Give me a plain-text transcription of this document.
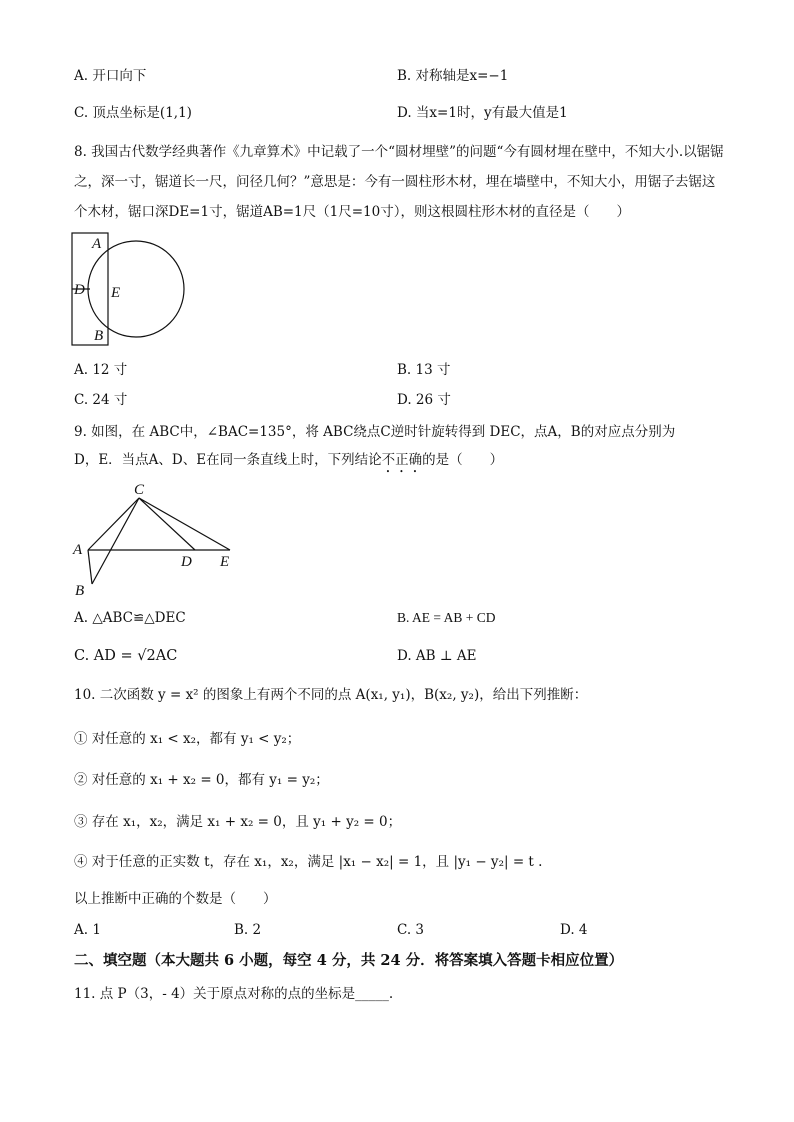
A. 开口向下	B. 对称轴是x=−1
C. 顶点坐标是(1,1)	D. 当x=1时，y有最大值是1
8. 我国古代数学经典著作《九章算术》中记载了一个“圆材埋壁”的问题“今有圆材埋在壁中，不知大小.以锯锯之，深一寸，锯道长一尺，问径几何？”意思是：今有一圆柱形木材，埋在墙壁中，不知大小，用锯子去锯这个木材，锯口深DE=1寸，锯道AB=1尺（1尺=10寸），则这根圆柱形木材的直径是（　　）
A
D E
B
A. 12 寸	B. 13 寸
C. 24 寸	D. 26 寸
9. 如图，在 ABC中，∠BAC=135°，将 ABC绕点C逆时针旋转得到 DEC，点A，B的对应点分别为
D，E．当点A、D、E在同一条直线上时，下列结论不正确的是（　　）
C
A
B
D E
A. △ABC≌△DEC	B. AE = AB + CD
C. AD = √2AC	D. AB ⊥ AE
10. 二次函数 y = x² 的图象上有两个不同的点 A(x₁, y₁)，B(x₂, y₂)，给出下列推断：
① 对任意的 x₁ < x₂，都有 y₁ < y₂；
② 对任意的 x₁ + x₂ = 0，都有 y₁ = y₂；
③ 存在 x₁，x₂，满足 x₁ + x₂ = 0，且 y₁ + y₂ = 0；
④ 对于任意的正实数 t，存在 x₁，x₂，满足 |x₁ − x₂| = 1，且 |y₁ − y₂| = t .
以上推断中正确的个数是（　　）
A. 1	B. 2	C. 3	D. 4
二、填空题（本大题共 6 小题，每空 4 分，共 24 分．将答案填入答题卡相应位置）
11. 点 P（3，- 4）关于原点对称的点的坐标是_____.
